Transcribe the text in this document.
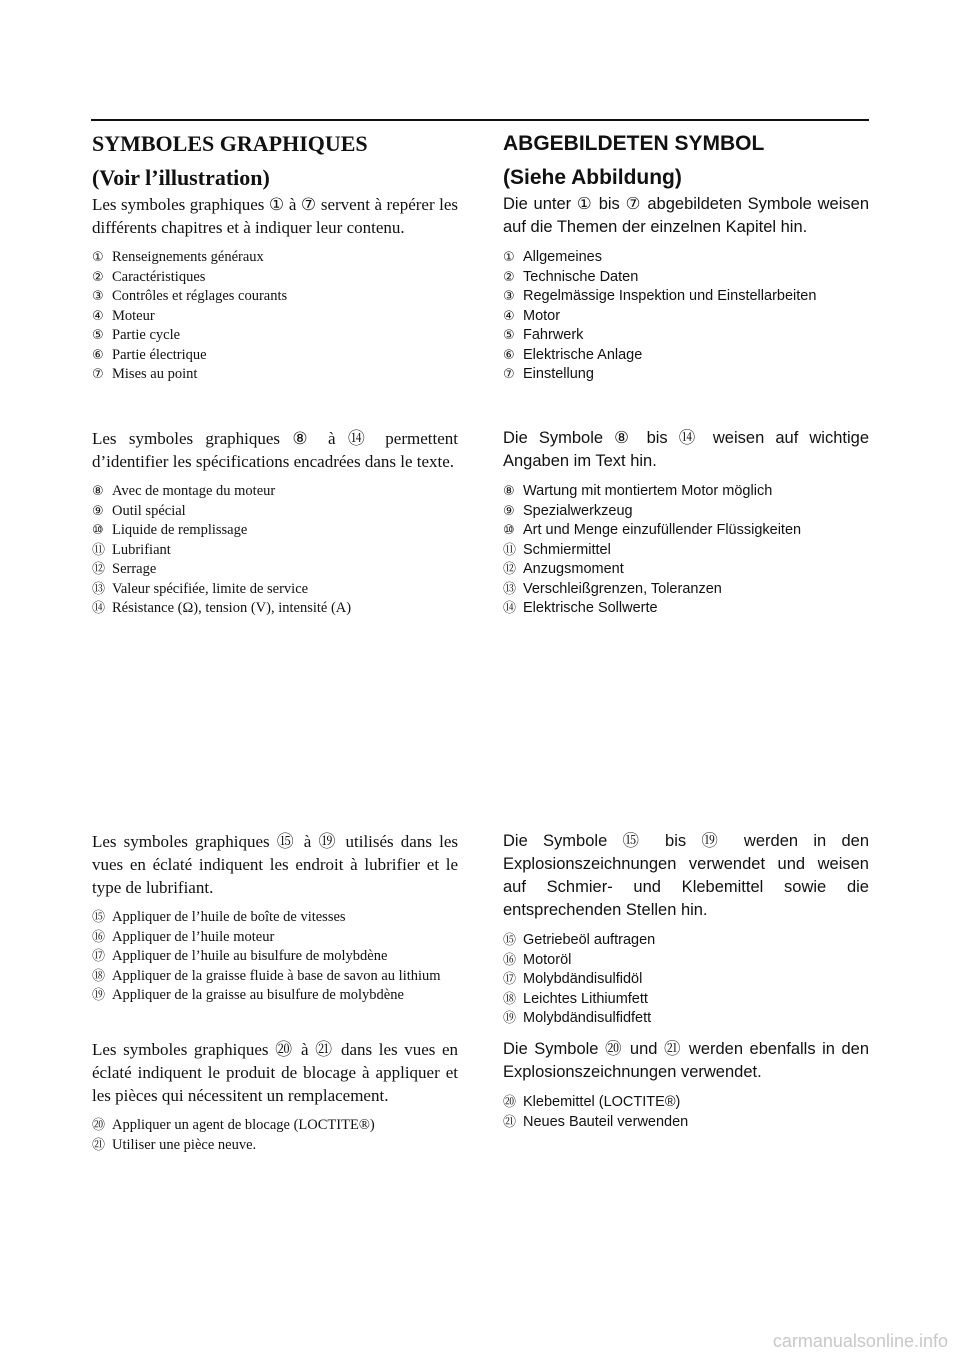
SYMBOLES GRAPHIQUES
(Voir l’illustration)

Les symboles graphiques ① à ⑦ servent à repérer les différents chapitres et à indiquer leur contenu.

① Renseignements généraux
② Caractéristiques
③ Contrôles et réglages courants
④ Moteur
⑤ Partie cycle
⑥ Partie électrique
⑦ Mises au point

Les symboles graphiques ⑧ à ⑭ permettent d’identifier les spécifications encadrées dans le texte.

⑧ Avec de montage du moteur
⑨ Outil spécial
⑩ Liquide de remplissage
⑪ Lubrifiant
⑫ Serrage
⑬ Valeur spécifiée, limite de service
⑭ Résistance (Ω), tension (V), intensité (A)

Les symboles graphiques ⑮ à ⑲ utilisés dans les vues en éclaté indiquent les endroit à lubrifier et le type de lubrifiant.

⑮ Appliquer de l’huile de boîte de vitesses
⑯ Appliquer de l’huile moteur
⑰ Appliquer de l’huile au bisulfure de molybdène
⑱ Appliquer de la graisse fluide à base de savon au lithium
⑲ Appliquer de la graisse au bisulfure de molybdène

Les symboles graphiques ⑳ à ㉑ dans les vues en éclaté indiquent le produit de blocage à appliquer et les pièces qui nécessitent un remplacement.

⑳ Appliquer un agent de blocage (LOCTITE®)
㉑ Utiliser une pièce neuve.
ABGEBILDETEN SYMBOL
(Siehe Abbildung)

Die unter ① bis ⑦ abgebildeten Symbole weisen auf die Themen der einzelnen Kapitel hin.

① Allgemeines
② Technische Daten
③ Regelmässige Inspektion und Einstellarbeiten
④ Motor
⑤ Fahrwerk
⑥ Elektrische Anlage
⑦ Einstellung

Die Symbole ⑧ bis ⑭ weisen auf wichtige Angaben im Text hin.

⑧ Wartung mit montiertem Motor möglich
⑨ Spezialwerkzeug
⑩ Art und Menge einzufüllender Flüssigkeiten
⑪ Schmiermittel
⑫ Anzugsmoment
⑬ Verschleißgrenzen, Toleranzen
⑭ Elektrische Sollwerte

Die Symbole ⑮ bis ⑲ werden in den Explosionszeichnungen verwendet und weisen auf Schmier- und Klebemittel sowie die entsprechenden Stellen hin.

⑮ Getriebeöl auftragen
⑯ Motoröl
⑰ Molybdändisulfidöl
⑱ Leichtes Lithiumfett
⑲ Molybdändisulfidfett

Die Symbole ⑳ und ㉑ werden ebenfalls in den Explosionszeichnungen verwendet.

⑳ Klebemittel (LOCTITE®)
㉑ Neues Bauteil verwenden
carmanualsonline.info
